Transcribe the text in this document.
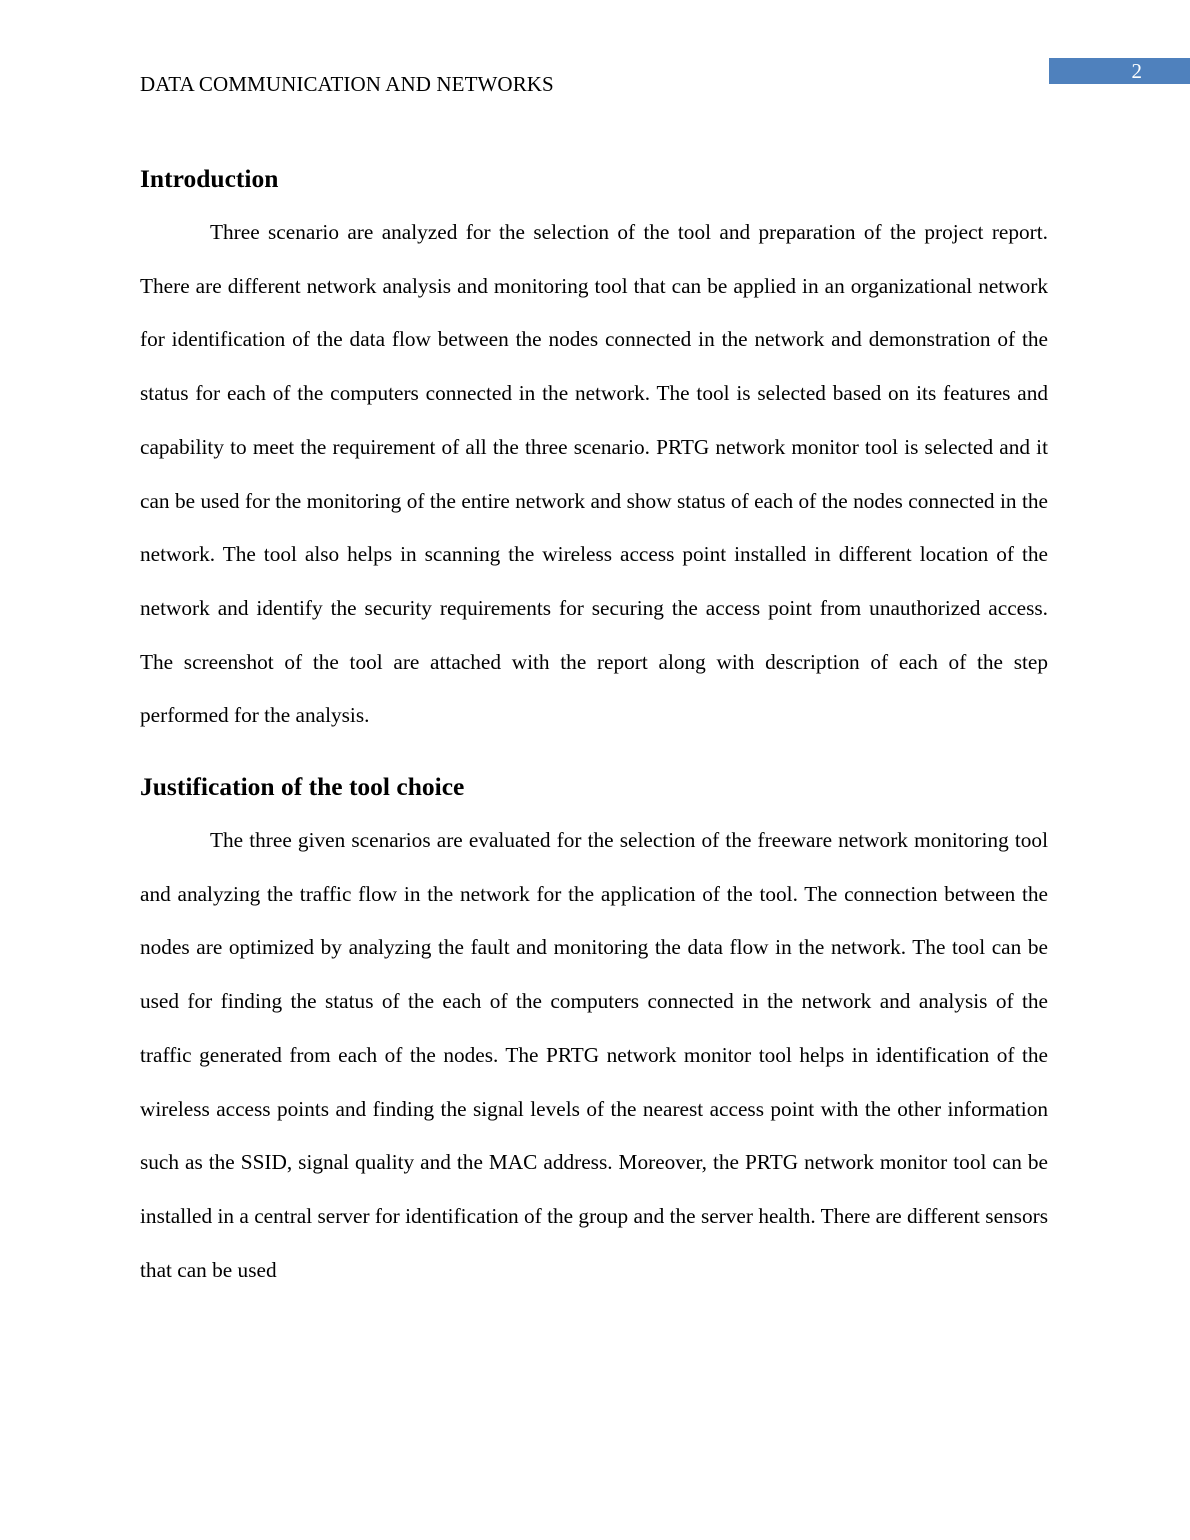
2
DATA COMMUNICATION AND NETWORKS
Introduction

Three scenario are analyzed for the selection of the tool and preparation of the project report. There are different network analysis and monitoring tool that can be applied in an organizational network for identification of the data flow between the nodes connected in the network and demonstration of the status for each of the computers connected in the network. The tool is selected based on its features and capability to meet the requirement of all the three scenario. PRTG network monitor tool is selected and it can be used for the monitoring of the entire network and show status of each of the nodes connected in the network. The tool also helps in scanning the wireless access point installed in different location of the network and identify the security requirements for securing the access point from unauthorized access. The screenshot of the tool are attached with the report along with description of each of the step performed for the analysis.

Justification of the tool choice

The three given scenarios are evaluated for the selection of the freeware network monitoring tool and analyzing the traffic flow in the network for the application of the tool. The connection between the nodes are optimized by analyzing the fault and monitoring the data flow in the network. The tool can be used for finding the status of the each of the computers connected in the network and analysis of the traffic generated from each of the nodes. The PRTG network monitor tool helps in identification of the wireless access points and finding the signal levels of the nearest access point with the other information such as the SSID, signal quality and the MAC address. Moreover, the PRTG network monitor tool can be installed in a central server for identification of the group and the server health. There are different sensors that can be used
